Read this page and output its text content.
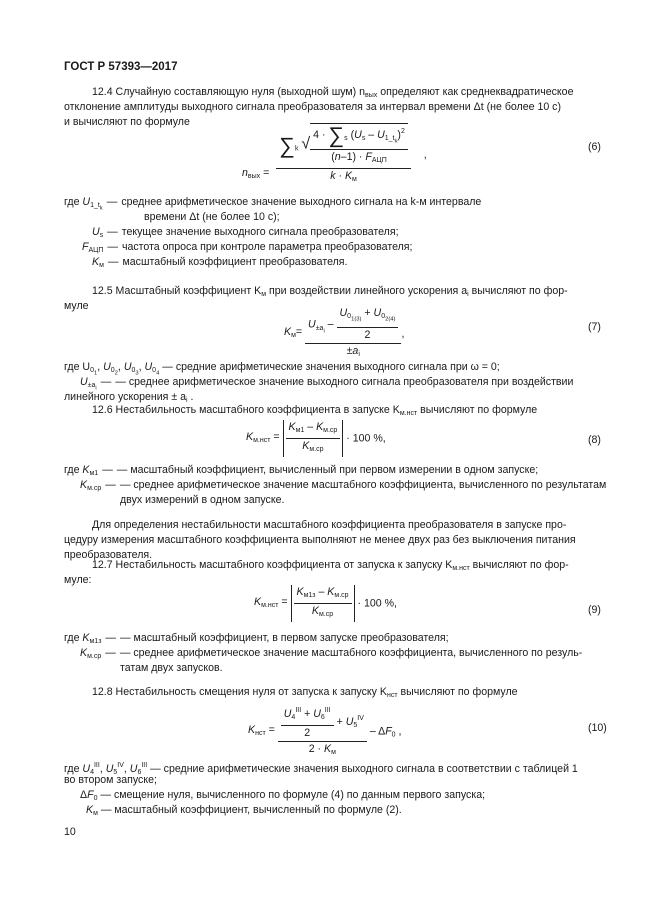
ГОСТ Р 57393—2017
12.4 Случайную составляющую нуля (выходной шум) $n_{вых}$ определяют как среднеквадратическое
отклонение амплитуды выходного сигнала преобразователя за интервал времени Δt (не более 10 с)
и вычисляют по формуле
$n_{вых} = \frac{\sum_k √ \frac{4 \cdot \sum_s (U_s - U_{1\_t_k})^2}{(n-1) \cdot F_{АЦП}}}{k \cdot K_м}$ ,
(6)
где $U_{1\_t_k}—$ среднее арифметическое значение выходного сигнала на k-м интервале
времени Δt (не более 10 с);
$U_s$ — текущее значение выходного сигнала преобразователя;
$F_{АЦП}$ — частота опроса при контроле параметра преобразователя;
$K_м$ — масштабный коэффициент преобразователя.
12.5 Масштабный коэффициент $K_м$ при воздействии линейного ускорения $a_i$ вычисляют по фор-
муле
$K_м= \frac{U_{\pm a_i} - \frac{U_{0_{1(3)}} + U_{0_{2(4)}}}{2}}{\pm a_i}$ ,
(7)
где $U_{0_1}$, $U_{0_2}$, $U_{0_3}$, $U_{0_4}$ — средние арифметические значения выходного сигнала при ω = 0;
$U_{\pm a_i}—$ — среднее арифметическое значение выходного сигнала преобразователя при воздействии
линейного ускорения ± $a_i$ .
12.6 Нестабильность масштабного коэффициента в запуске $K_{м.нст}$ вычисляют по формуле
$K_{м.нст} = \frac{K_{м1} - K_{м.ср}}{K_{м.ср}} \cdot 100$ %,	(8)
где $K_{м1}$ — — масштабный коэффициент, вычисленный при первом измерении в одном запуске;
$K_{м.ср}$ — — среднее арифметическое значение масштабного коэффициента, вычисленного по результатам
двух измерений в одном запуске.
Для определения нестабильности масштабного коэффициента преобразователя в запуске про-
цедуру измерения масштабного коэффициента выполняют не менее двух раз без выключения питания
преобразователя.
12.7 Нестабильность масштабного коэффициента от запуска к запуску $K_{м.нст}$ вычисляют по фор-
муле:
$K_{м.нст} = \frac{K_{м1з} - K_{м.ср}}{K_{м.ср}} \cdot 100$ %,
(9)
где $K_{м1з}$ — — масштабный коэффициент, в первом запуске преобразователя;
$K_{м.ср}$ — — среднее арифметическое значение масштабного коэффициента, вычисленного по резуль-
татам двух запусков.
12.8 Нестабильность смещения нуля от запуска к запуску $K_{нст}$ вычисляют по формуле
$K_{нст} = \frac{\frac{U_4^{III} + U_6^{III}}{2} + U_5^{IV}}{2 \cdot K_м} - \Delta F_0$ ,	(10)
где $U_4^{III}$, $U_5^{IV}$, $U_6^{III}$ — средние арифметические значения выходного сигнала в соответствии с таблицей 1
во втором запуске;
$\Delta F_0$ — смещение нуля, вычисленного по формуле (4) по данным первого запуска;
$K_м$ — масштабный коэффициент, вычисленный по формуле (2).
10
